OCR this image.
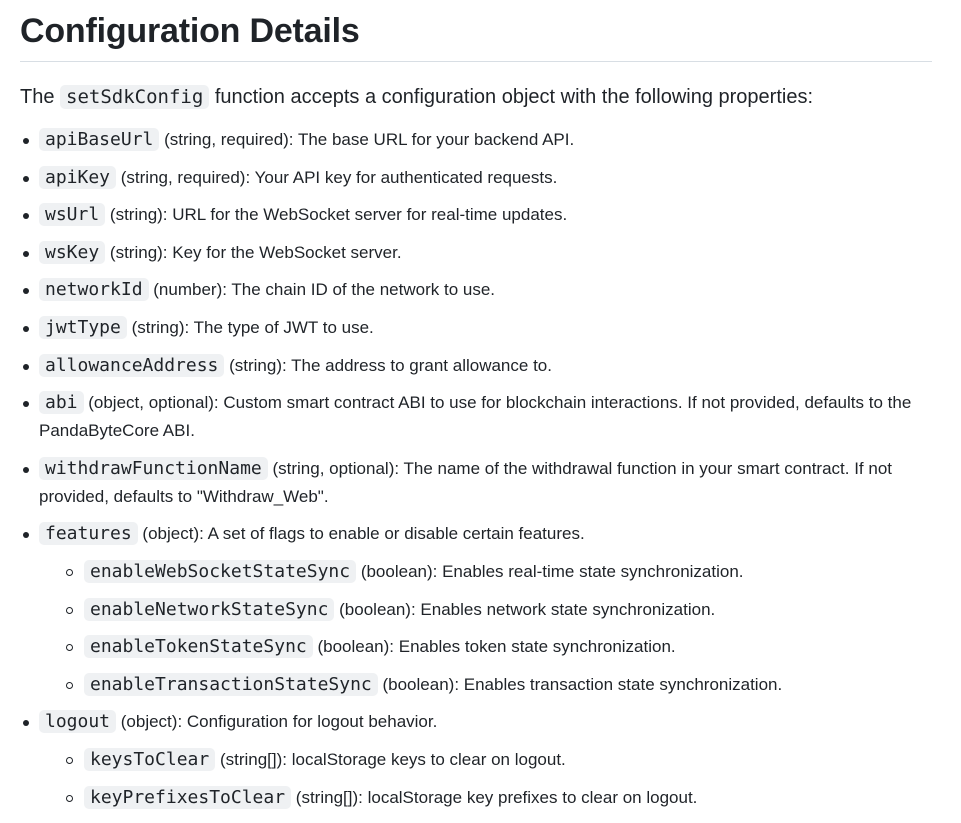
Configuration Details

The setSdkConfig function accepts a configuration object with the following properties:

apiBaseUrl (string, required): The base URL for your backend API.
apiKey (string, required): Your API key for authenticated requests.
wsUrl (string): URL for the WebSocket server for real-time updates.
wsKey (string): Key for the WebSocket server.
networkId (number): The chain ID of the network to use.
jwtType (string): The type of JWT to use.
allowanceAddress (string): The address to grant allowance to.
abi (object, optional): Custom smart contract ABI to use for blockchain interactions. If not provided, defaults to the PandaByteCore ABI.
withdrawFunctionName (string, optional): The name of the withdrawal function in your smart contract. If not provided, defaults to "Withdraw_Web".
features (object): A set of flags to enable or disable certain features.
enableWebSocketStateSync (boolean): Enables real-time state synchronization.
enableNetworkStateSync (boolean): Enables network state synchronization.
enableTokenStateSync (boolean): Enables token state synchronization.
enableTransactionStateSync (boolean): Enables transaction state synchronization.
logout (object): Configuration for logout behavior.
keysToClear (string[]): localStorage keys to clear on logout.
keyPrefixesToClear (string[]): localStorage key prefixes to clear on logout.
